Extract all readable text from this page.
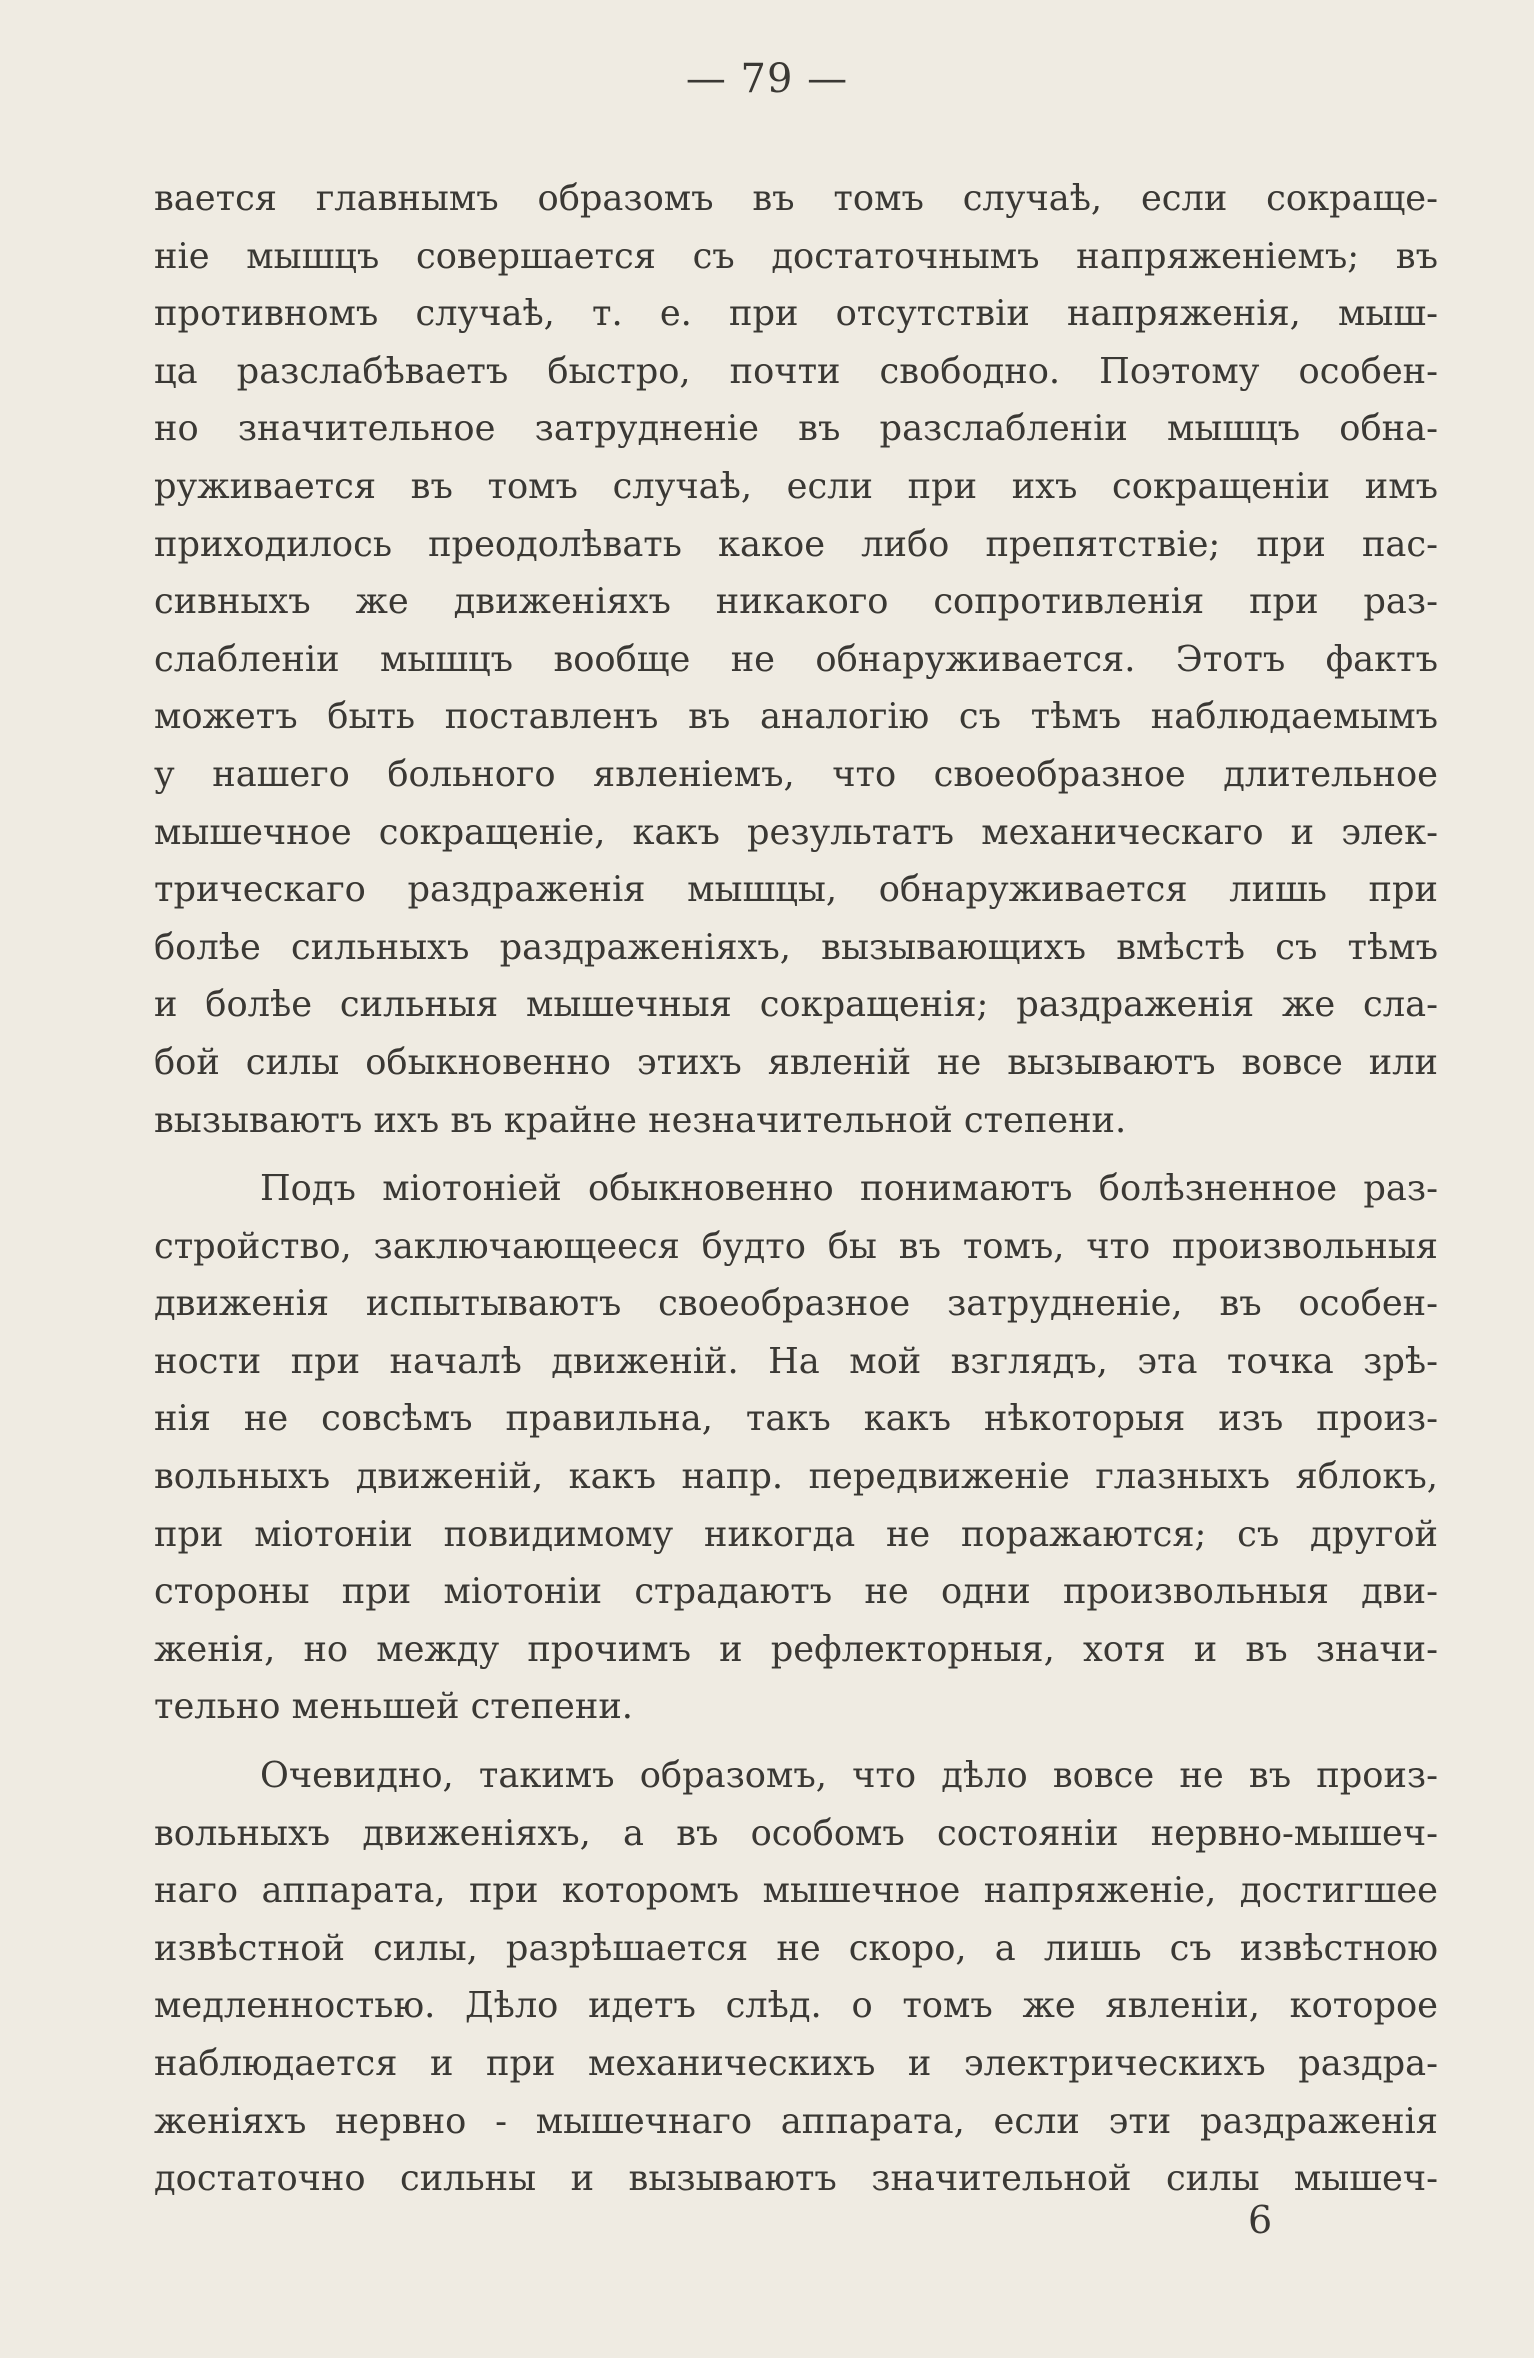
— 79 —
вается главнымъ образомъ въ томъ случаѣ, если сокраще-
ніе мышцъ совершается съ достаточнымъ напряженіемъ; въ
противномъ случаѣ, т. е. при отсутствіи напряженія, мыш-
ца разслабѣваетъ быстро, почти свободно. Поэтому особен-
но значительное затрудненіе въ разслабленіи мышцъ обна-
руживается въ томъ случаѣ, если при ихъ сокращеніи имъ
приходилось преодолѣвать какое либо препятствіе; при пас-
сивныхъ же движеніяхъ никакого сопротивленія при раз-
слабленіи мышцъ вообще не обнаруживается. Этотъ фактъ
можетъ быть поставленъ въ аналогію съ тѣмъ наблюдаемымъ
у нашего больного явленіемъ, что своеобразное длительное
мышечное сокращеніе, какъ результатъ механическаго и элек-
трическаго раздраженія мышцы, обнаруживается лишь при
болѣе сильныхъ раздраженіяхъ, вызывающихъ вмѣстѣ съ тѣмъ
и болѣе сильныя мышечныя сокращенія; раздраженія же сла-
бой силы обыкновенно этихъ явленій не вызываютъ вовсе или
вызываютъ ихъ въ крайне незначительной степени.
Подъ міотоніей обыкновенно понимаютъ болѣзненное раз-
стройство, заключающееся будто бы въ томъ, что произвольныя
движенія испытываютъ своеобразное затрудненіе, въ особен-
ности при началѣ движеній. На мой взглядъ, эта точка зрѣ-
нія не совсѣмъ правильна, такъ какъ нѣкоторыя изъ произ-
вольныхъ движеній, какъ напр. передвиженіе глазныхъ яблокъ,
при міотоніи повидимому никогда не поражаются; съ другой
стороны при міотоніи страдаютъ не одни произвольныя дви-
женія, но между прочимъ и рефлекторныя, хотя и въ значи-
тельно меньшей степени.
Очевидно, такимъ образомъ, что дѣло вовсе не въ произ-
вольныхъ движеніяхъ, а въ особомъ состояніи нервно-мышеч-
наго аппарата, при которомъ мышечное напряженіе, достигшее
извѣстной силы, разрѣшается не скоро, а лишь съ извѣстною
медленностью. Дѣло идетъ слѣд. о томъ же явленіи, которое
наблюдается и при механическихъ и электрическихъ раздра-
женіяхъ нервно - мышечнаго аппарата, если эти раздраженія
достаточно сильны и вызываютъ значительной силы мышеч-
6
